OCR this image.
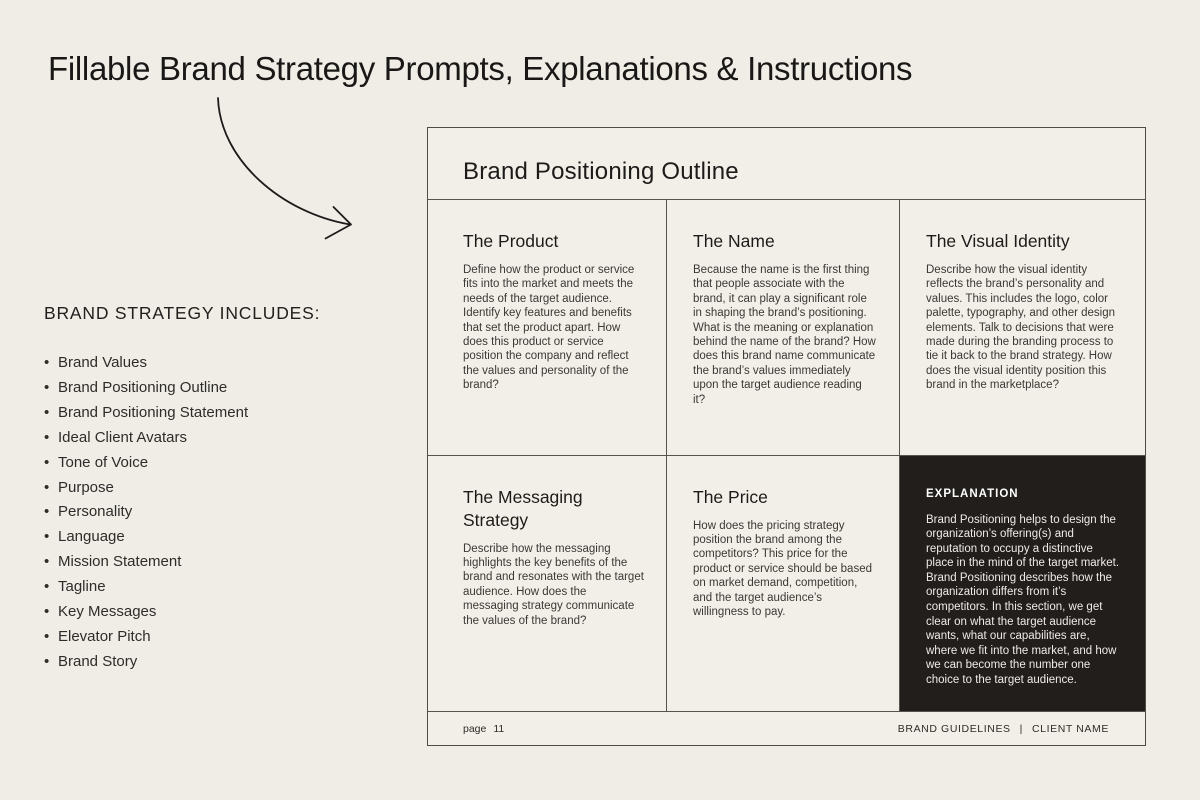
Fillable Brand Strategy Prompts, Explanations & Instructions
BRAND STRATEGY INCLUDES:
• Brand Values
• Brand Positioning Outline
• Brand Positioning Statement
• Ideal Client Avatars
• Tone of Voice
• Purpose
• Personality
• Language
• Mission Statement
• Tagline
• Key Messages
• Elevator Pitch
• Brand Story
Brand Positioning Outline
The Product
Define how the product or service fits into the market and meets the needs of the target audience. Identify key features and benefits that set the product apart. How does this product or service position the company and reflect the values and personality of the brand?
The Name
Because the name is the first thing that people associate with the brand, it can play a significant role in shaping the brand’s positioning. What is the meaning or explanation behind the name of the brand? How does this brand name communicate the brand’s values immediately upon the target audience reading it?
The Visual Identity
Describe how the visual identity reflects the brand’s personality and values. This includes the logo, color palette, typography, and other design elements. Talk to decisions that were made during the branding process to tie it back to the brand strategy. How does the visual identity position this brand in the marketplace?
The Messaging Strategy
Describe how the messaging highlights the key benefits of the brand and resonates with the target audience. How does the messaging strategy communicate the values of the brand?
The Price
How does the pricing strategy position the brand among the competitors? This price for the product or service should be based on market demand, competition, and the target audience’s willingness to pay.
EXPLANATION
Brand Positioning helps to design the organization’s offering(s) and reputation to occupy a distinctive place in the mind of the target market. Brand Positioning describes how the organization differs from it’s competitors. In this section, we get clear on what the target audience wants, what our capabilities are, where we fit into the market, and how we can become the number one choice to the target audience.
page 11	BRAND GUIDELINES | CLIENT NAME
